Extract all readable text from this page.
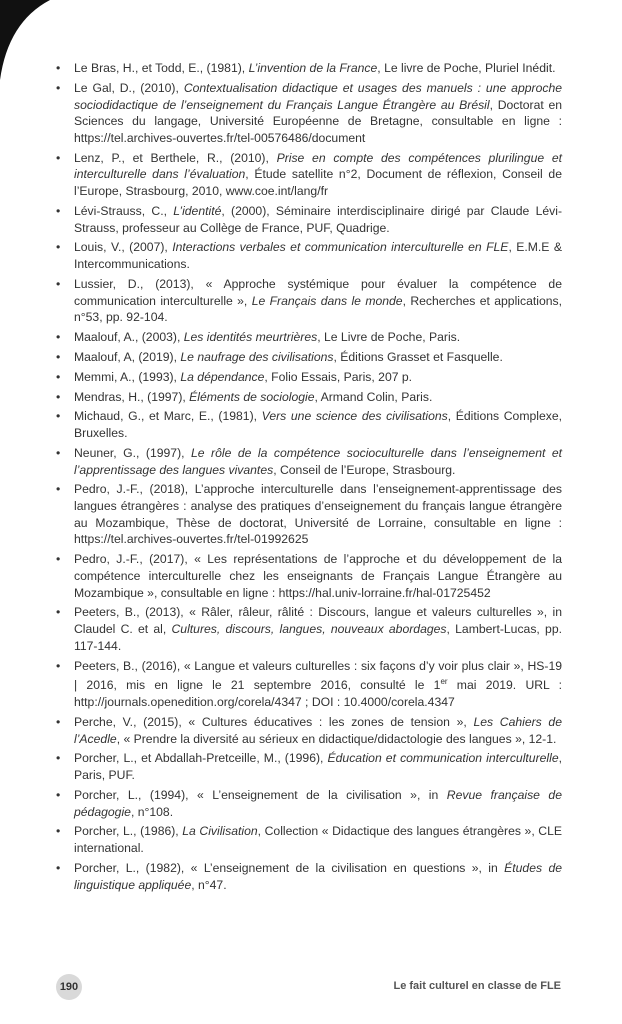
• Le Bras, H., et Todd, E., (1981), L’invention de la France, Le livre de Poche, Pluriel Inédit.
• Le Gal, D., (2010), Contextualisation didactique et usages des manuels : une approche sociodidactique de l’enseignement du Français Langue Étrangère au Brésil, Doctorat en Sciences du langage, Université Européenne de Bretagne, consultable en ligne : https://tel.archives-ouvertes.fr/tel-00576486/document
• Lenz, P., et Berthele, R., (2010), Prise en compte des compétences plurilingue et interculturelle dans l’évaluation, Étude satellite n°2, Document de réflexion, Conseil de l’Europe, Strasbourg, 2010, www.coe.int/lang/fr
• Lévi-Strauss, C., L’identité, (2000), Séminaire interdisciplinaire dirigé par Claude Lévi-Strauss, professeur au Collège de France, PUF, Quadrige.
• Louis, V., (2007), Interactions verbales et communication interculturelle en FLE, E.M.E & Intercommunications.
• Lussier, D., (2013), « Approche systémique pour évaluer la compétence de communication interculturelle », Le Français dans le monde, Recherches et applications, n°53, pp. 92-104.
• Maalouf, A., (2003), Les identités meurtrières, Le Livre de Poche, Paris.
• Maalouf, A, (2019), Le naufrage des civilisations, Éditions Grasset et Fasquelle.
• Memmi, A., (1993), La dépendance, Folio Essais, Paris, 207 p.
• Mendras, H., (1997), Éléments de sociologie, Armand Colin, Paris.
• Michaud, G., et Marc, E., (1981), Vers une science des civilisations, Éditions Complexe, Bruxelles.
• Neuner, G., (1997), Le rôle de la compétence socioculturelle dans l’enseignement et l’apprentissage des langues vivantes, Conseil de l’Europe, Strasbourg.
• Pedro, J.-F., (2018), L’approche interculturelle dans l’enseignement-apprentissage des langues étrangères : analyse des pratiques d’enseignement du français langue étrangère au Mozambique, Thèse de doctorat, Université de Lorraine, consultable en ligne : https://tel.archives-ouvertes.fr/tel-01992625
• Pedro, J.-F., (2017), « Les représentations de l’approche et du développement de la compétence interculturelle chez les enseignants de Français Langue Étrangère au Mozambique », consultable en ligne : https://hal.univ-lorraine.fr/hal-01725452
• Peeters, B., (2013), « Râler, râleur, râlité : Discours, langue et valeurs culturelles », in Claudel C. et al, Cultures, discours, langues, nouveaux abordages, Lambert-Lucas, pp. 117-144.
• Peeters, B., (2016), « Langue et valeurs culturelles : six façons d’y voir plus clair », HS-19 | 2016, mis en ligne le 21 septembre 2016, consulté le 1er mai 2019. URL : http://journals.openedition.org/corela/4347 ; DOI : 10.4000/corela.4347
• Perche, V., (2015), « Cultures éducatives : les zones de tension », Les Cahiers de l’Acedle, « Prendre la diversité au sérieux en didactique/didactologie des langues », 12-1.
• Porcher, L., et Abdallah-Pretceille, M., (1996), Éducation et communication interculturelle, Paris, PUF.
• Porcher, L., (1994), « L’enseignement de la civilisation », in Revue française de pédagogie, n°108.
• Porcher, L., (1986), La Civilisation, Collection « Didactique des langues étrangères », CLE international.
• Porcher, L., (1982), « L’enseignement de la civilisation en questions », in Études de linguistique appliquée, n°47.
190	Le fait culturel en classe de FLE
